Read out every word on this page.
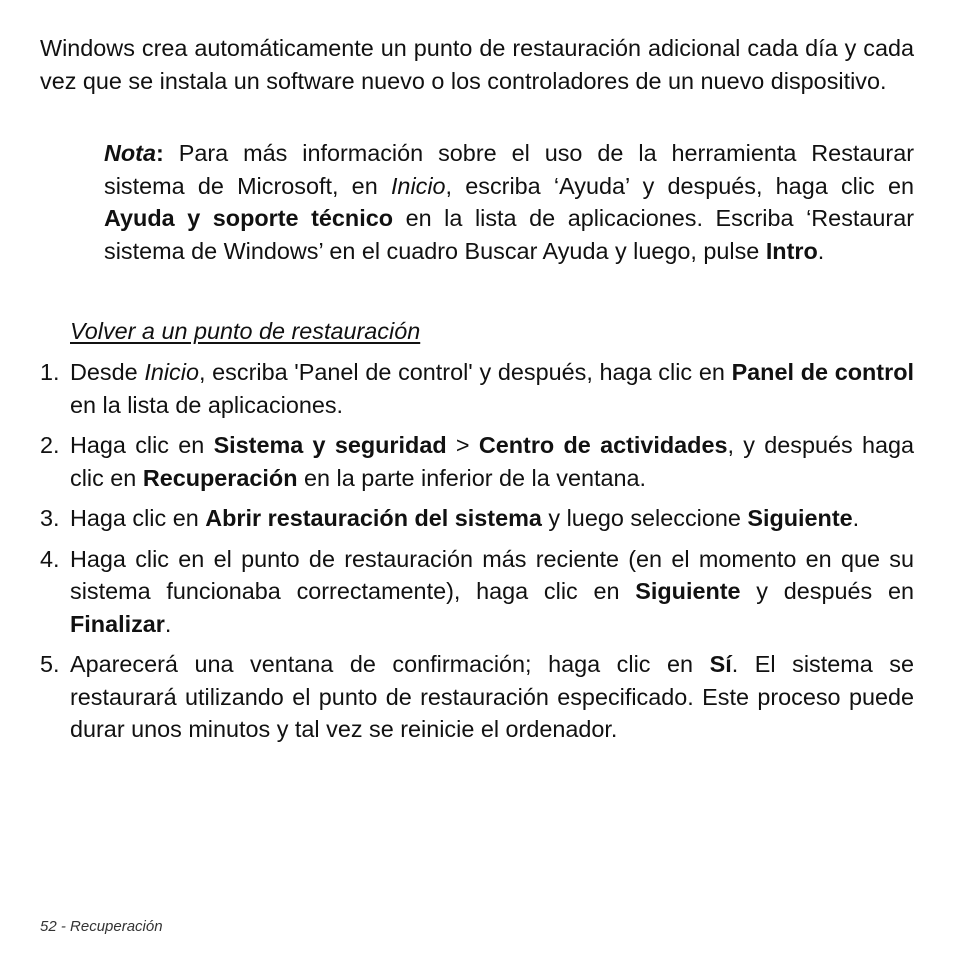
Windows crea automáticamente un punto de restauración adicional cada día y cada vez que se instala un software nuevo o los controladores de un nuevo dispositivo.

Nota: Para más información sobre el uso de la herramienta Restaurar sistema de Microsoft, en Inicio, escriba ‘Ayuda’ y después, haga clic en Ayuda y soporte técnico en la lista de aplicaciones. Escriba ‘Restaurar sistema de Windows’ en el cuadro Buscar Ayuda y luego, pulse Intro.

Volver a un punto de restauración

1. Desde Inicio, escriba 'Panel de control' y después, haga clic en Panel de control en la lista de aplicaciones.
2. Haga clic en Sistema y seguridad > Centro de actividades, y después haga clic en Recuperación en la parte inferior de la ventana.
3. Haga clic en Abrir restauración del sistema y luego seleccione Siguiente.
4. Haga clic en el punto de restauración más reciente (en el momento en que su sistema funcionaba correctamente), haga clic en Siguiente y después en Finalizar.
5. Aparecerá una ventana de confirmación; haga clic en Sí. El sistema se restaurará utilizando el punto de restauración especificado. Este proceso puede durar unos minutos y tal vez se reinicie el ordenador.

52 - Recuperación
